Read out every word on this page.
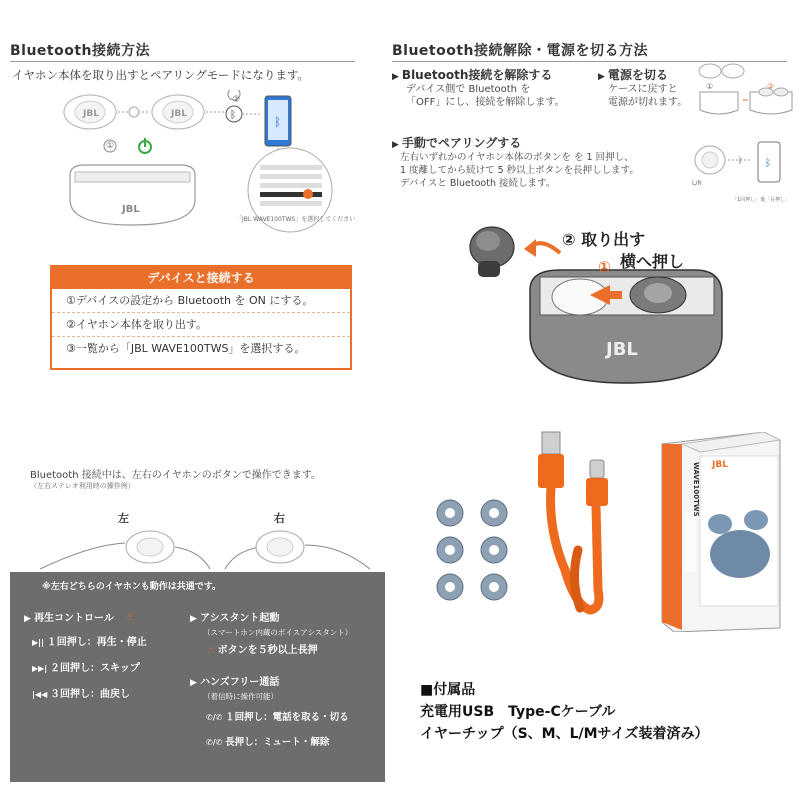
Bluetooth接続方法
イヤホン本体を取り出すとペアリングモードになります。
JBL	JBL	ᛒ
JBL
ᛒ
①
②
「JBL WAVE100TWS」を選択してください
デバイスと接続する
①デバイスの設定から Bluetooth を ON にする。
②イヤホン本体を取り出す。
③一覧から「JBL WAVE100TWS」を選択する。
Bluetooth接続解除・電源を切る方法
▶ Bluetooth接続を解除する
デバイス側で Bluetooth を
「OFF」にし、接続を解除します。
▶ 電源を切る
ケースに戻すと
電源が切れます。
①	②
▶ 手動でペアリングする
左右いずれかのイヤホン本体のボタンを を 1 回押し、
1 度離してから続けて 5 秒以上ボタンを長押しします。
デバイスと Bluetooth 接続します。
ᛒ ᛒ
L/R
「1回押し」後「長押し」
JBL
② 取り出す
横へ押し
①
Bluetooth 接続中は、左右のイヤホンのボタンで操作できます。
（左右ステレオ利用時の操作例）
左	右
※左右どちらのイヤホンも動作は共通です。
▶ 再生コントロール ☝
▶|| １回押し：再生・停止
▶▶| ２回押し：スキップ
|◀◀ ３回押し：曲戻し
▶ アシスタント起動
（スマートホン内蔵のボイスアシスタント）
☝ ボタンを５秒以上長押
▶ ハンズフリー通話
（着信時に操作可能）
✆/✆ １回押し：電話を取る・切る
✆/✆ 長押し：ミュート・解除
JBL
WAVE100TWS
■付属品
充電用USB　Type-Cケーブル
イヤーチップ（S、M、L/Mサイズ装着済み）
